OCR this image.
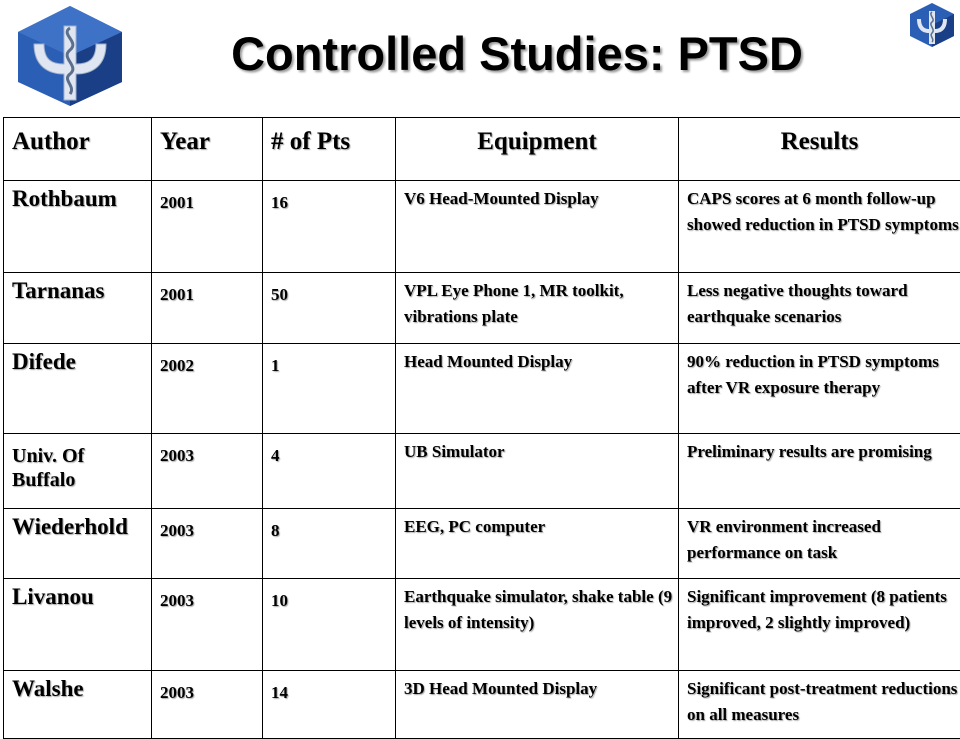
Controlled Studies: PTSD
Author	Year	# of Pts	Equipment	Results
Rothbaum	2001	16	V6 Head-Mounted Display	CAPS scores at 6 month follow-up showed reduction in PTSD symptoms
Tarnanas	2001	50	VPL Eye Phone 1, MR toolkit, vibrations plate	Less negative thoughts toward earthquake scenarios
Difede	2002	1	Head Mounted Display	90% reduction in PTSD symptoms after VR exposure therapy
Univ. Of Buffalo	2003	4	UB Simulator	Preliminary results are promising
Wiederhold	2003	8	EEG, PC computer	VR environment increased performance on task
Livanou	2003	10	Earthquake simulator, shake table (9 levels of intensity)	Significant improvement (8 patients improved, 2 slightly improved)
Walshe	2003	14	3D Head Mounted Display	Significant post-treatment reductions on all measures
